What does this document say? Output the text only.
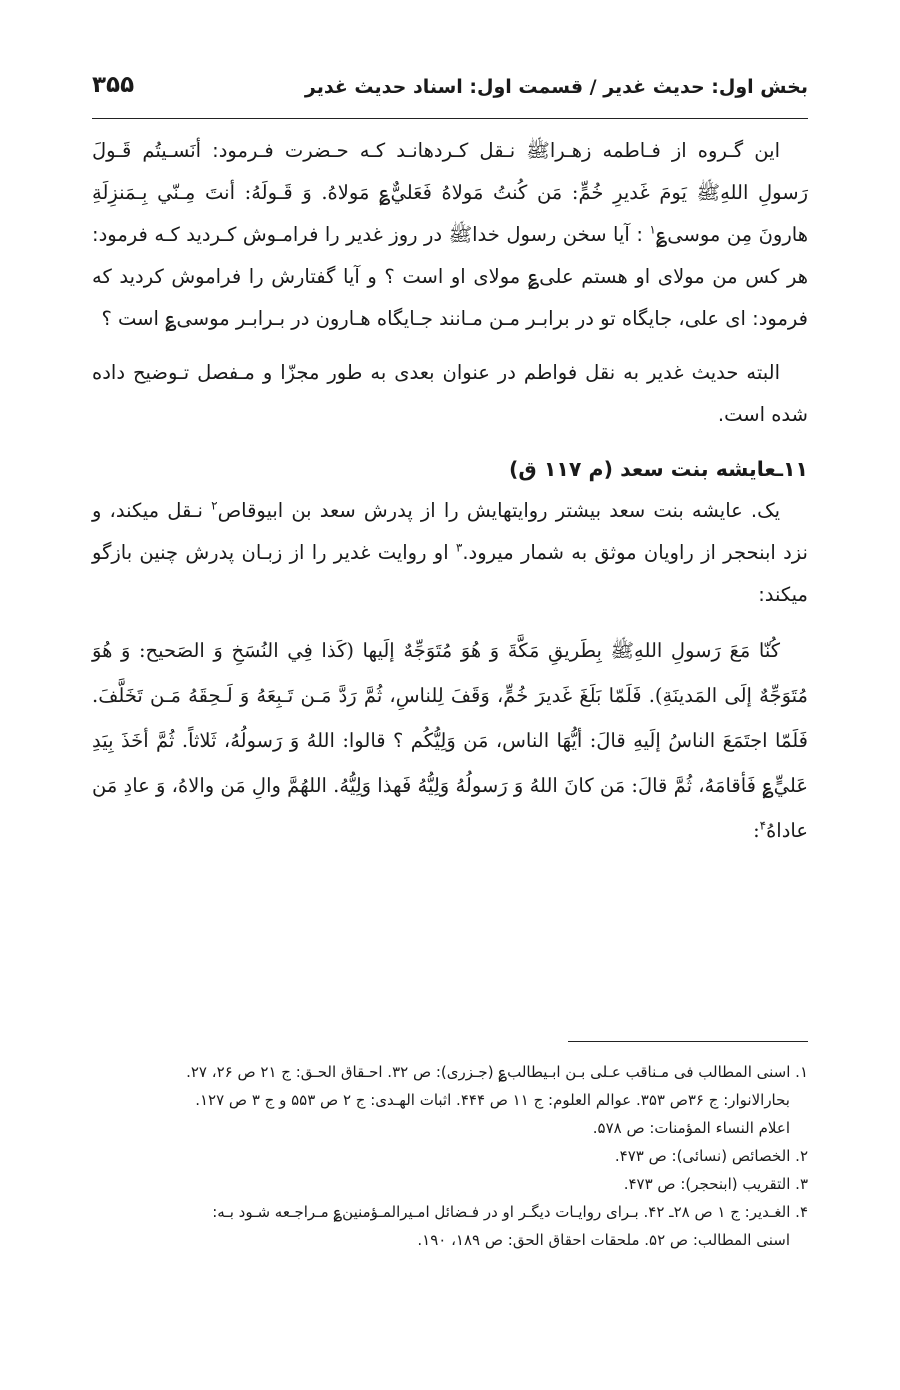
بخش اول: حدیث غدیر / قسمت اول: اسناد حدیث غدیر
۳۵۵

این گـروه از فـاطمه زهـراﷺ نـقل کـردهانـد کـه حـضرت فـرمود: أنَسـيتُم قَـولَ رَسولِ اللهِﷺ يَومَ غَديرِ خُمٍّ: مَن كُنتُ مَولاهُ فَعَليٌّ؏ مَولاهُ. وَ قَـولَهُ: أنتَ مِـنّي بِـمَنزِلَةِ هارونَ مِن موسى؏$^۱$ : آیا سخن رسول خداﷺ در روز غدیر را فرامـوش کـردید کـه فرمود: هر کس من مولای او هستم علی؏ مولای او است ؟ و آیا گفتارش را فراموش کردید که فرمود: ای علی، جایگاه تو در برابـر مـن مـانند جـایگاه هـارون در بـرابـر موسی؏ است ؟

البته حدیث غدیر به نقل فواطم در عنوان بعدی به طور مجزّا و مـفصل تـوضیح داده شده است.

۱۱ـعایشه بنت سعد (م ۱۱۷ ق)

یک. عایشه بنت سعد بیشتر روایتهایش را از پدرش سعد بن ابیوقاص$^۲$ نـقل میکند، و نزد ابنحجر از راویان موثق به شمار میرود.$^۳$ او روایت غدیر را از زبـان پدرش چنین بازگو میکند:

كُنّا مَعَ رَسولِ اللهِﷺ بِطَريقِ مَكَّةَ وَ هُوَ مُتَوَجِّهٌ إلَيها (كَذا فِي النُسَخِ وَ الصَحيح: وَ هُوَ مُتَوَجِّهٌ إلَى المَدينَةِ). فَلَمّا بَلَغَ غَديرَ خُمٍّ، وَقَفَ لِلناسِ، ثُمَّ رَدَّ مَـن تَـبِعَهُ وَ لَـحِقَهُ مَـن تَخَلَّفَ. فَلَمّا اجتَمَعَ الناسُ إلَيهِ قالَ: أيُّهَا الناس، مَن وَلِيُّكُم ؟ قالوا: اللهُ وَ رَسولُهُ، ثَلاثاً. ثُمَّ أخَذَ بِيَدِ عَليٍّ؏ فَأقامَهُ، ثُمَّ قالَ: مَن كانَ اللهُ وَ رَسولُهُ وَلِيُّهُ فَهذا وَلِيُّهُ. اللهُمَّ والِ مَن والاهُ، وَ عادِ مَن عاداهُ$^۴$:

۱. اسنی المطالب فی مـناقب عـلی بـن ابـیطالب؏ (جـزری): ص ۳۲. احـقاق الحـق: ج ۲۱ ص ۲۶، ۲۷.

بحارالانوار: ج ۳۶ص ۳۵۳. عوالم العلوم: ج ۱۱ ص ۴۴۴. اثبات الهـدی: ج ۲ ص ۵۵۳ و ج ۳ ص ۱۲۷.

اعلام النساء المؤمنات: ص ۵۷۸.

۲. الخصائص (نسائی): ص ۴۷۳.

۳. التقریب (ابنحجر): ص ۴۷۳.

۴. الغـدیر: ج ۱ ص ۲۸ـ ۴۲. بـرای روایـات دیگـر او در فـضائل امـیرالمـؤمنین؏ مـراجـعه شـود بـه:

اسنی المطالب: ص ۵۲. ملحقات احقاق الحق: ص ۱۸۹، ۱۹۰.
